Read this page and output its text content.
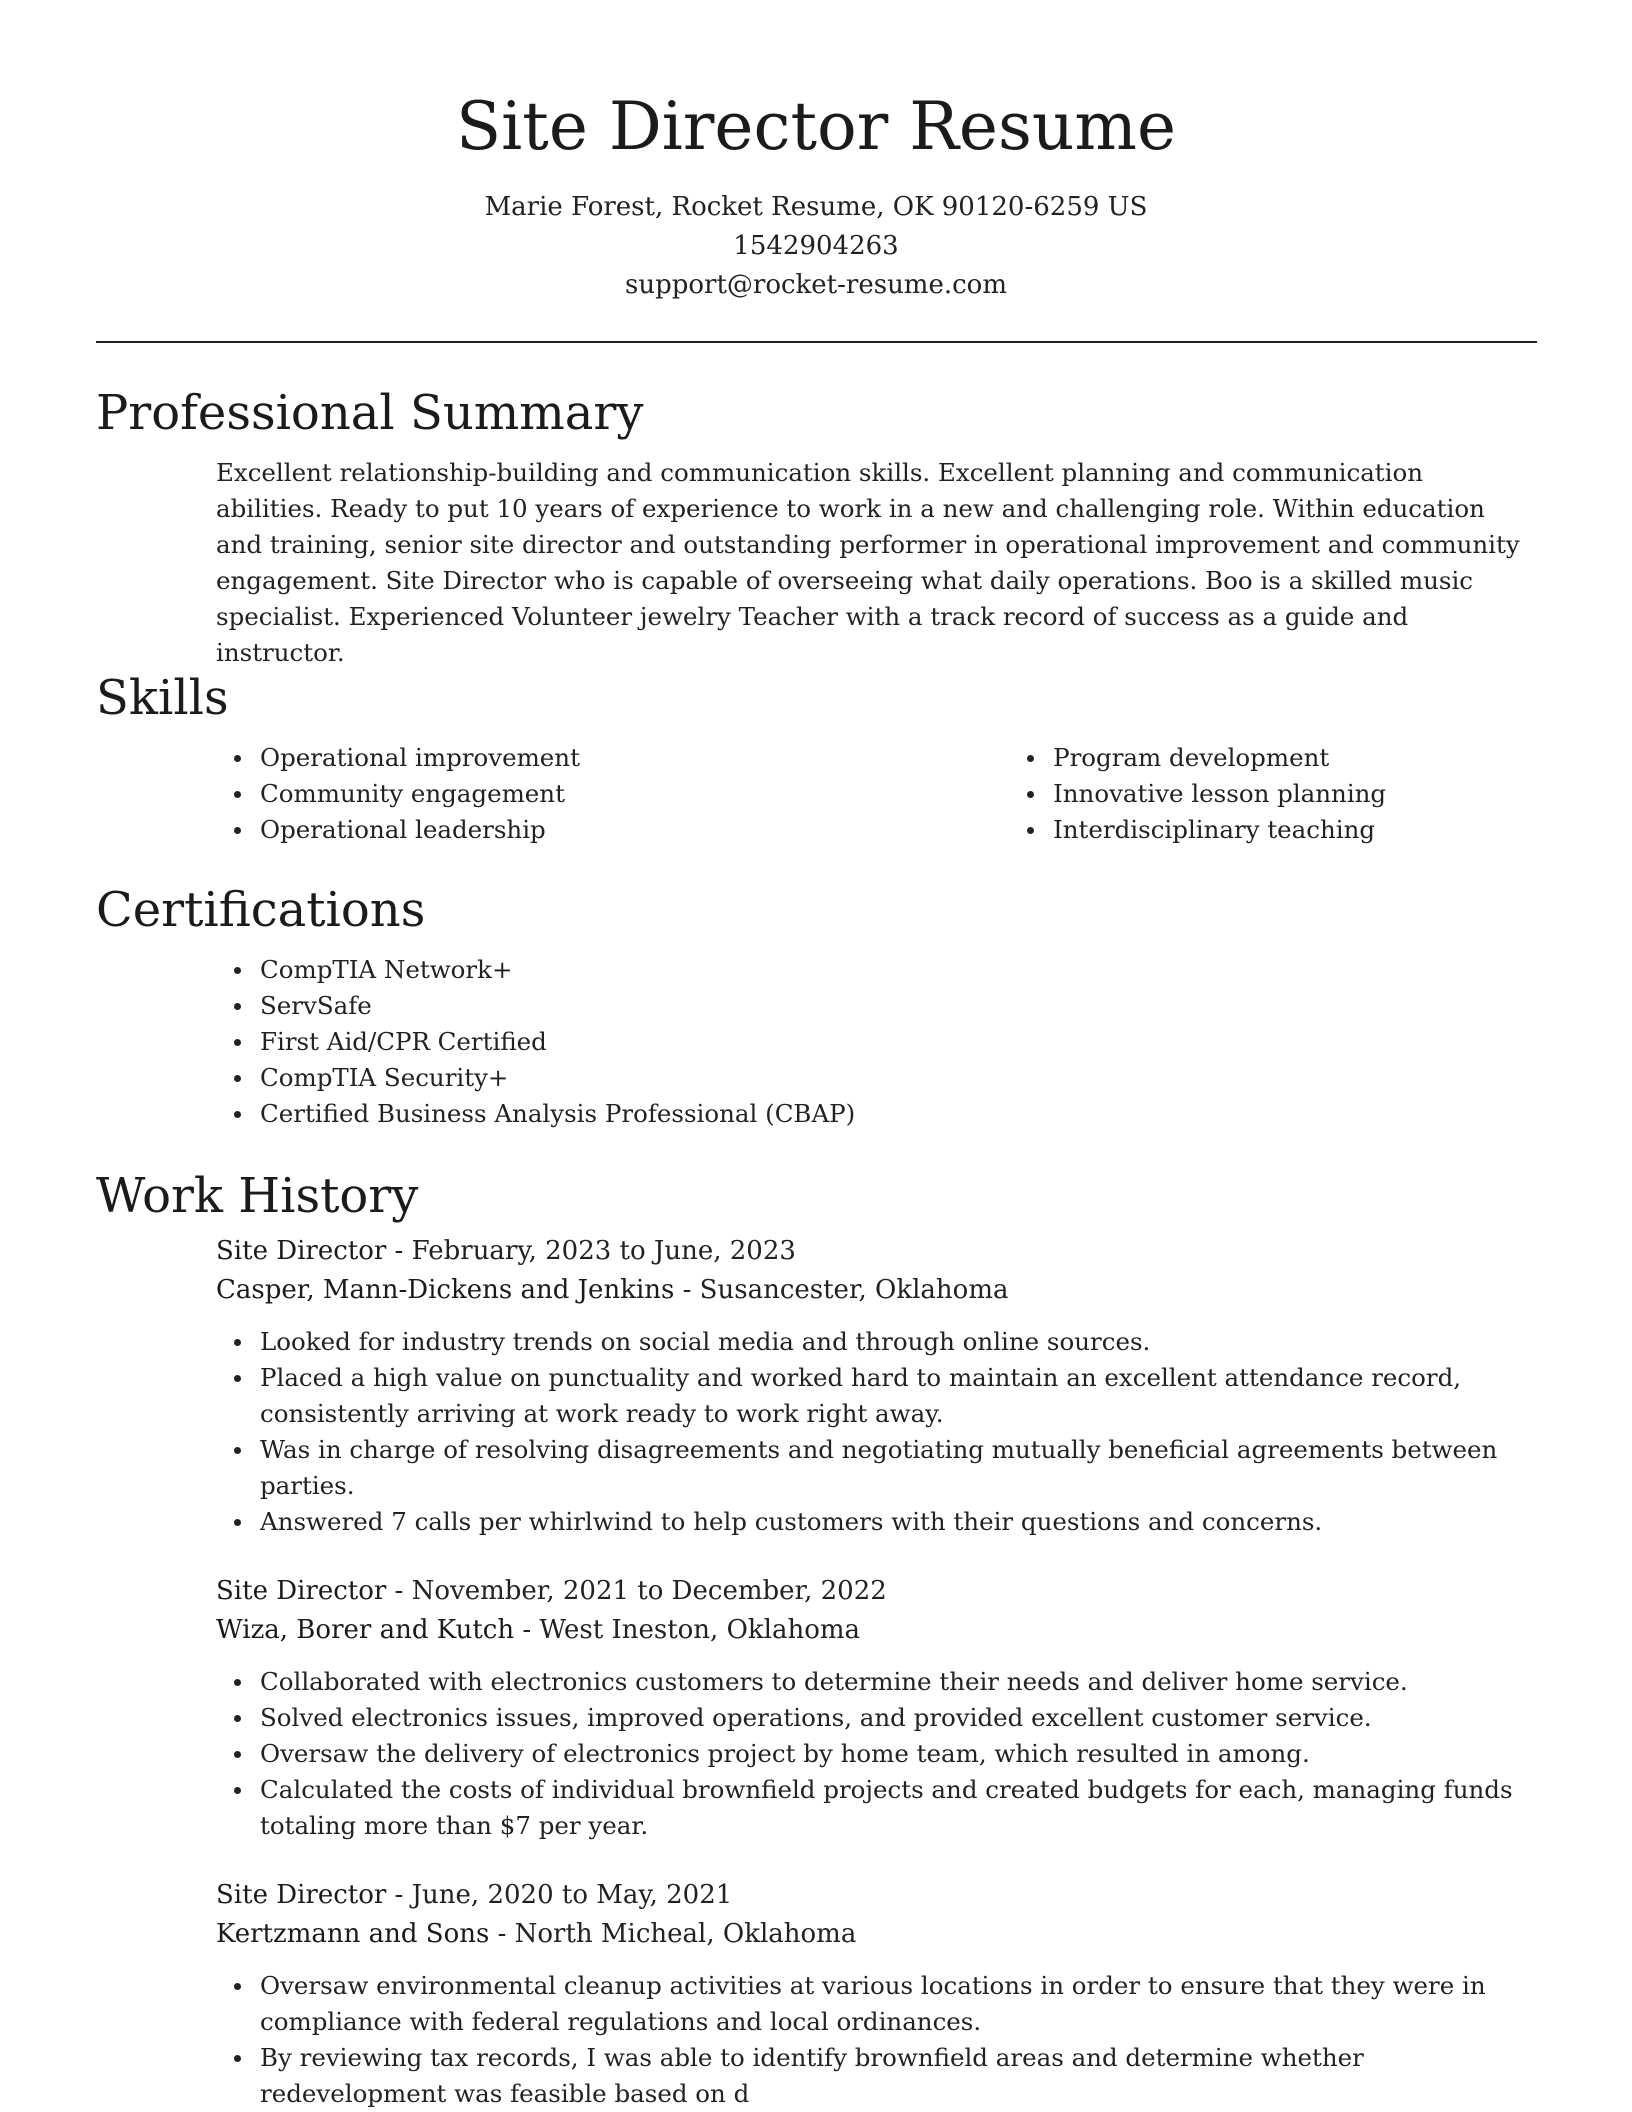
Site Director Resume

Marie Forest, Rocket Resume, OK 90120-6259 US

1542904263

support@rocket-resume.com

Professional Summary

Excellent relationship-building and communication skills. Excellent planning and communication abilities. Ready to put 10 years of experience to work in a new and challenging role. Within education and training, senior site director and outstanding performer in operational improvement and community engagement. Site Director who is capable of overseeing what daily operations. Boo is a skilled music specialist. Experienced Volunteer jewelry Teacher with a track record of success as a guide and instructor.

Skills
Operational improvement
Community engagement
Operational leadership
Program development
Innovative lesson planning
Interdisciplinary teaching
Certifications
CompTIA Network+
ServSafe
First Aid/CPR Certified
CompTIA Security+
Certified Business Analysis Professional (CBAP)
Work History

Site Director - February, 2023 to June, 2023

Casper, Mann-Dickens and Jenkins - Susancester, Oklahoma

Looked for industry trends on social media and through online sources.
Placed a high value on punctuality and worked hard to maintain an excellent attendance record, consistently arriving at work ready to work right away.
Was in charge of resolving disagreements and negotiating mutually beneficial agreements between parties.
Answered 7 calls per whirlwind to help customers with their questions and concerns.

Site Director - November, 2021 to December, 2022

Wiza, Borer and Kutch - West Ineston, Oklahoma

Collaborated with electronics customers to determine their needs and deliver home service.
Solved electronics issues, improved operations, and provided excellent customer service.
Oversaw the delivery of electronics project by home team, which resulted in among.
Calculated the costs of individual brownfield projects and created budgets for each, managing funds totaling more than $7 per year.

Site Director - June, 2020 to May, 2021

Kertzmann and Sons - North Micheal, Oklahoma

Oversaw environmental cleanup activities at various locations in order to ensure that they were in compliance with federal regulations and local ordinances.
By reviewing tax records, I was able to identify brownfield areas and determine whether redevelopment was feasible based on d
